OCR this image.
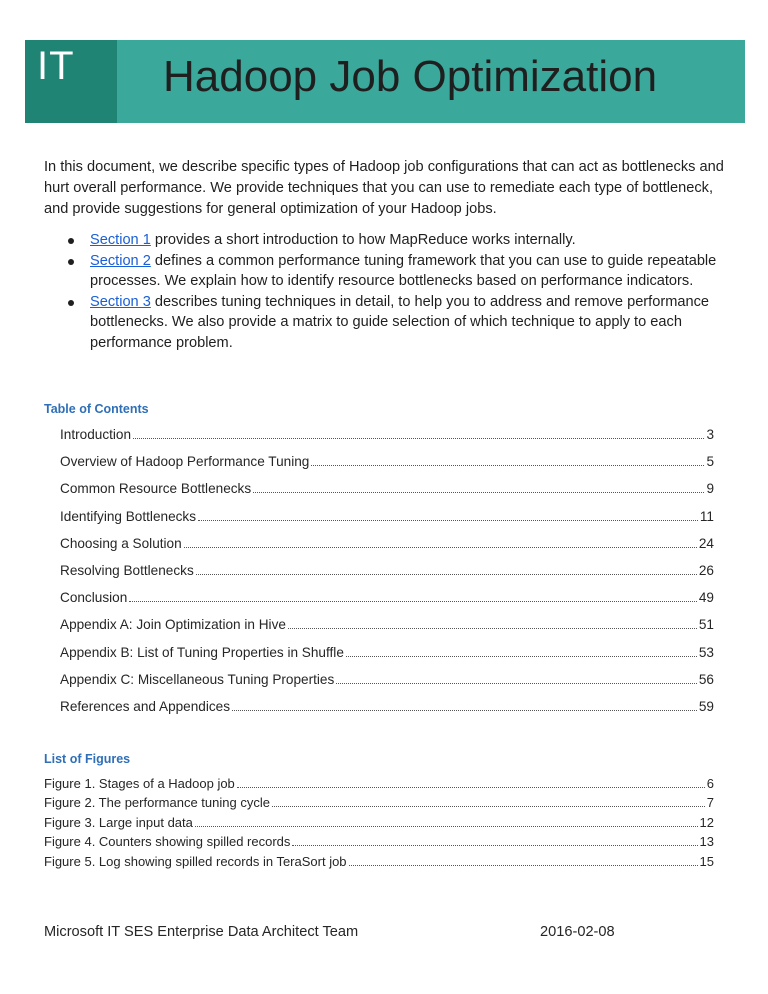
IT Hadoop Job Optimization

In this document, we describe specific types of Hadoop job configurations that can act as bottlenecks and hurt overall performance. We provide techniques that you can use to remediate each type of bottleneck, and provide suggestions for general optimization of your Hadoop jobs.

Section 1 provides a short introduction to how MapReduce works internally.
Section 2 defines a common performance tuning framework that you can use to guide repeatable processes. We explain how to identify resource bottlenecks based on performance indicators.
Section 3 describes tuning techniques in detail, to help you to address and remove performance bottlenecks. We also provide a matrix to guide selection of which technique to apply to each performance problem.
Table of Contents
Introduction	3
Overview of Hadoop Performance Tuning	5
Common Resource Bottlenecks	9
Identifying Bottlenecks	11
Choosing a Solution	24
Resolving Bottlenecks	26
Conclusion	49
Appendix A: Join Optimization in Hive	51
Appendix B: List of Tuning Properties in Shuffle	53
Appendix C: Miscellaneous Tuning Properties	56
References and Appendices	59
List of Figures
Figure 1. Stages of a Hadoop job	6
Figure 2. The performance tuning cycle	7
Figure 3. Large input data	12
Figure 4. Counters showing spilled records	13
Figure 5. Log showing spilled records in TeraSort job	15
Microsoft IT SES Enterprise Data Architect Team	2016-02-08
